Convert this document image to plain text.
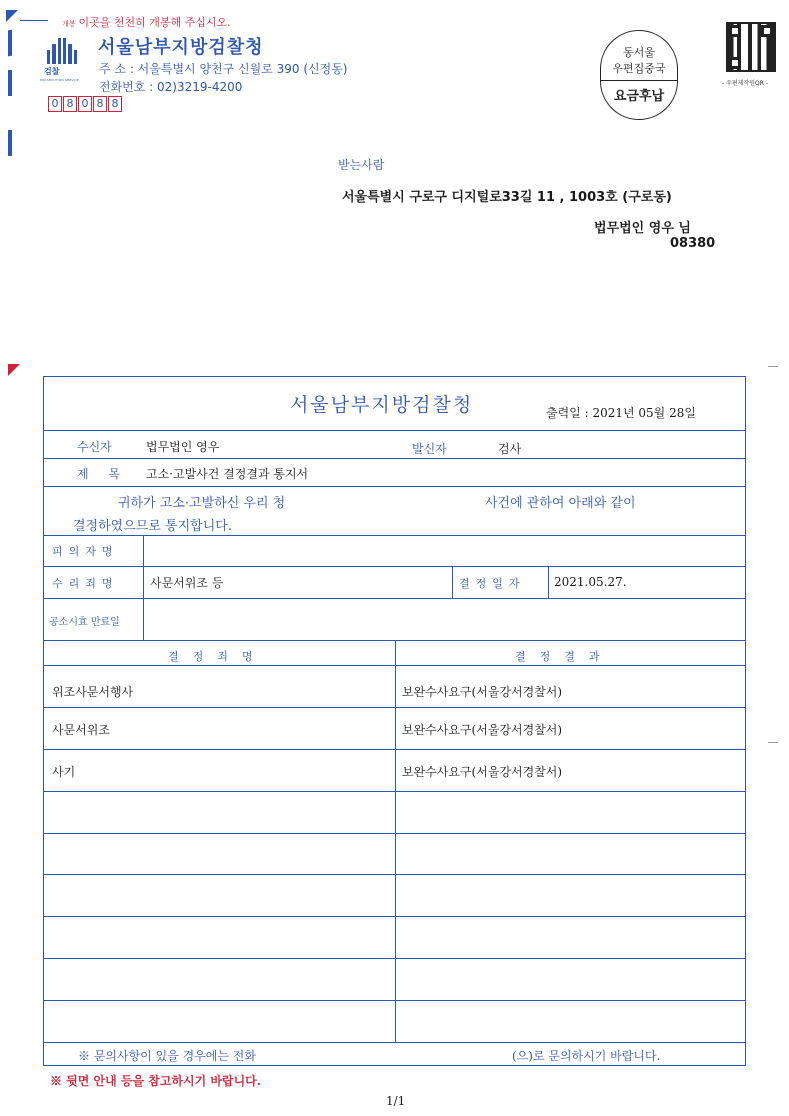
개봉 이곳을 천천히 개봉해 주십시오.
검찰
PROSECUTION SERVICE
서울남부지방검찰청
주 소 : 서울특별시 양천구 신월로 390 (신정동)
전화번호 : 02)3219-4200
0 8 0 8 8
동서울
우편집중국
요금후납
- 우편제작원QR -
받는사람
서울특별시 구로구 디지털로33길 11 , 1003호 (구로동)
법무법인 영우 님
08380
서울남부지방검찰청	출력일 : 2021년 05월 28일
수신자	법무법인 영우	발신자	검사
제 목 고소·고발사건 결정결과 통지서
귀하가 고소·고발하신 우리 청	사건에 관하여 아래와 같이
결정하였으므로 통지합니다.
피의자명
수리죄명	사문서위조 등	결정일자 2021.05.27.
공소시효 만료일
결정죄명	결정결과
위조사문서행사	보완수사요구(서울강서경찰서)
사문서위조	보완수사요구(서울강서경찰서)
사기	보완수사요구(서울강서경찰서)
※ 문의사항이 있을 경우에는 전화	(으)로 문의하시기 바랍니다.
※ 뒷면 안내 등을 참고하시기 바랍니다.
1/1
